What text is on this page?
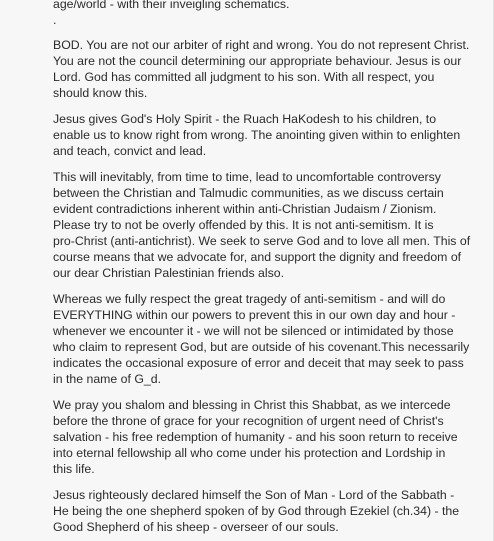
age/world - with their inveigling schematics.
.

BOD. You are not our arbiter of right and wrong. You do not represent Christ.
You are not the council determining our appropriate behaviour. Jesus is our
Lord. God has committed all judgment to his son. With all respect, you
should know this.

Jesus gives God's Holy Spirit - the Ruach HaKodesh to his children, to
enable us to know right from wrong. The anointing given within to enlighten
and teach, convict and lead.

This will inevitably, from time to time, lead to uncomfortable controversy
between the Christian and Talmudic communities, as we discuss certain
evident contradictions inherent within anti-Christian Judaism / Zionism.
Please try to not be overly offended by this. It is not anti-semitism. It is
pro-Christ (anti-antichrist). We seek to serve God and to love all men. This of
course means that we advocate for, and support the dignity and freedom of
our dear Christian Palestinian friends also.

Whereas we fully respect the great tragedy of anti-semitism - and will do
EVERYTHING within our powers to prevent this in our own day and hour -
whenever we encounter it - we will not be silenced or intimidated by those
who claim to represent God, but are outside of his covenant.This necessarily
indicates the occasional exposure of error and deceit that may seek to pass
in the name of G_d.

We pray you shalom and blessing in Christ this Shabbat, as we intercede
before the throne of grace for your recognition of urgent need of Christ's
salvation - his free redemption of humanity - and his soon return to receive
into eternal fellowship all who come under his protection and Lordship in
this life.

Jesus righteously declared himself the Son of Man - Lord of the Sabbath -
He being the one shepherd spoken of by God through Ezekiel (ch.34) - the
Good Shepherd of his sheep - overseer of our souls.
